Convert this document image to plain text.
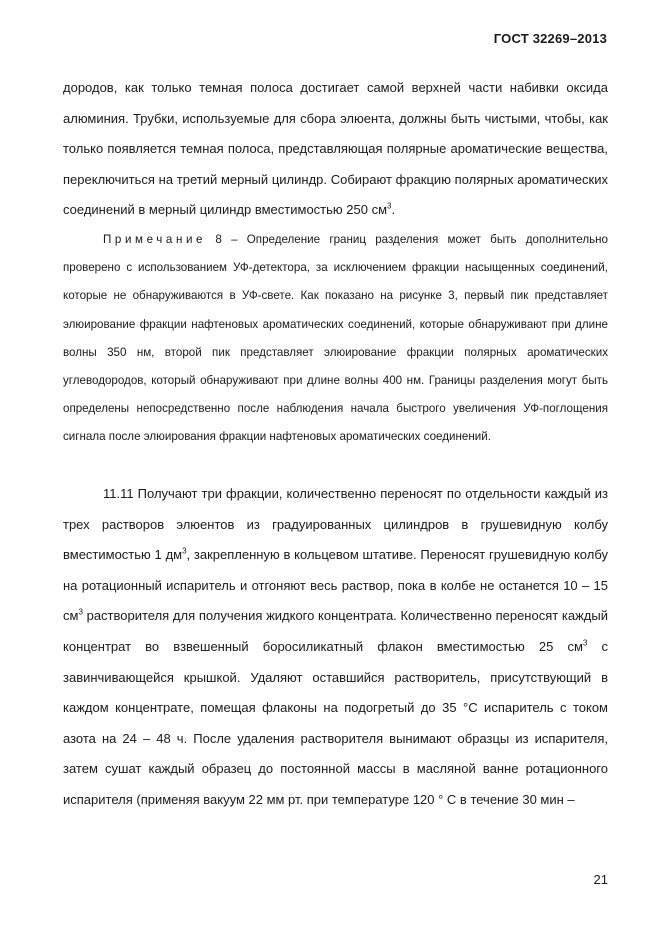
ГОСТ 32269–2013

дородов, как только темная полоса достигает самой верхней части набивки оксида алюминия. Трубки, используемые для сбора элюента, должны быть чистыми, чтобы, как только появляется темная полоса, представляющая полярные ароматические вещества, переключиться на третий мерный цилиндр. Собирают фракцию полярных ароматических соединений в мерный цилиндр вместимостью 250 $см^3$.

Примечание 8 – Определение границ разделения может быть дополнительно проверено с использованием УФ-детектора, за исключением фракции насыщенных соединений, которые не обнаруживаются в УФ-свете. Как показано на рисунке 3, первый пик представляет элюирование фракции нафтеновых ароматических соединений, которые обнаруживают при длине волны 350 нм, второй пик представляет элюирование фракции полярных ароматических углеводородов, который обнаруживают при длине волны 400 нм. Границы разделения могут быть определены непосредственно после наблюдения начала быстрого увеличения УФ-поглощения сигнала после элюирования фракции нафтеновых ароматических соединений.

11.11 Получают три фракции, количественно переносят по отдельности каждый из трех растворов элюентов из градуированных цилиндров в грушевидную колбу вместимостью 1 $дм^3$, закрепленную в кольцевом штативе. Переносят грушевидную колбу на ротационный испаритель и отгоняют весь раствор, пока в колбе не останется 10 – 15 $см^3$ растворителя для получения жидкого концентрата. Количественно переносят каждый концентрат во взвешенный боросиликатный флакон вместимостью 25 $см^3$ с завинчивающейся крышкой. Удаляют оставшийся растворитель, присутствующий в каждом концентрате, помещая флаконы на подогретый до 35 °С испаритель с током азота на 24 – 48 ч. После удаления растворителя вынимают образцы из испарителя, затем сушат каждый образец до постоянной массы в масляной ванне ротационного испарителя (применяя вакуум 22 мм рт. при температуре 120 ° С в течение 30 мин –

21
